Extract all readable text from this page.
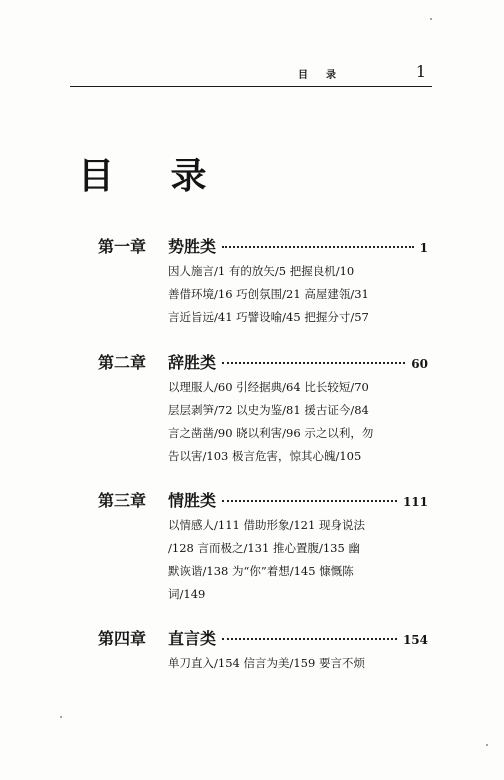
目录	1
目 录
第一章	势胜类	1
因人施言/1 有的放矢/5 把握良机/10
善借环境/16 巧创氛围/21 高屋建瓴/31
言近旨远/41 巧譬设喻/45 把握分寸/57
第二章	辞胜类	60
以理服人/60 引经据典/64 比长较短/70
层层剥笋/72 以史为鉴/81 援古证今/84
言之凿凿/90 晓以利害/96 示之以利，勿
告以害/103 极言危害，惊其心魄/105
第三章	情胜类	111
以情感人/111 借助形象/121 现身说法
/128 言而极之/131 推心置腹/135 幽
默诙谐/138 为“你”着想/145 慷慨陈
词/149
第四章	直言类	154
单刀直入/154 信言为美/159 要言不烦
